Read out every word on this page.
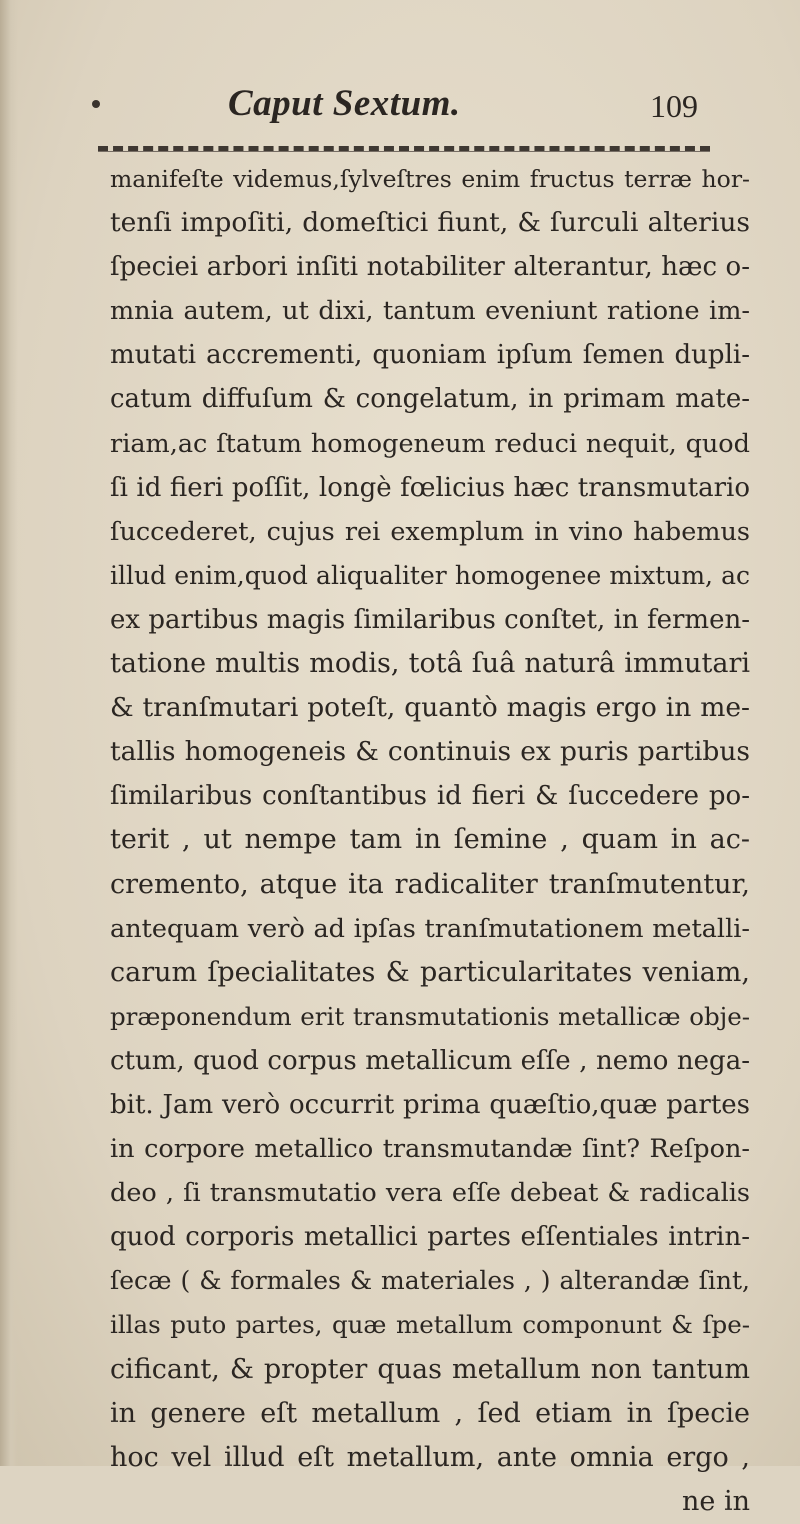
Caput Sextum.	109
manifeſte videmus,ſylveſtres enim fructus terræ hor-
tenſi impoſiti, domeſtici fiunt, & ſurculi alterius
ſpeciei arbori inſiti notabiliter alterantur, hæc o-
mnia autem, ut dixi, tantum eveniunt ratione im-
mutati accrementi, quoniam ipſum ſemen dupli-
catum diffuſum & congelatum, in primam mate-
riam,ac ſtatum homogeneum reduci nequit, quod
ſi id fieri poſſit, longè fœlicius hæc transmutario
ſuccederet, cujus rei exemplum in vino habemus
illud enim,quod aliqualiter homogenee mixtum, ac
ex partibus magis ſimilaribus conſtet, in fermen-
tatione multis modis, totâ ſuâ naturâ immutari
& tranſmutari poteſt, quantò magis ergo in me-
tallis homogeneis & continuis ex puris partibus
ſimilaribus conſtantibus id fieri & ſuccedere po-
terit , ut nempe tam in ſemine , quam in ac-
cremento, atque ita radicaliter tranſmutentur,
antequam verò ad ipſas tranſmutationem metalli-
carum ſpecialitates & particularitates veniam,
præponendum erit transmutationis metallicæ obje-
ctum, quod corpus metallicum eſſe , nemo nega-
bit. Jam verò occurrit prima quæſtio,quæ partes
in corpore metallico transmutandæ ſint? Reſpon-
deo , ſi transmutatio vera eſſe debeat & radicalis
quod corporis metallici partes eſſentiales intrin-
ſecæ ( & formales & materiales , ) alterandæ ſint,
illas puto partes, quæ metallum componunt & ſpe-
cificant, & propter quas metallum non tantum
in genere eſt metallum , ſed etiam in ſpecie
hoc vel illud eſt metallum, ante omnia ergo ,
ne in
